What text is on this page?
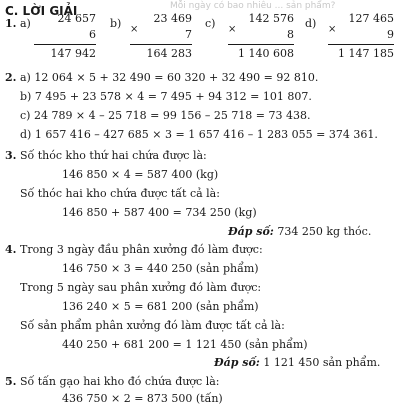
Mỗi ngày có bao nhiêu ... sản phẩm?
C. LỜI GIẢI
1. a) 24 657
6
147 942
b) ×
23 469
7
164 283
c) ×
142 576
8
1 140 608
d) ×
127 465
9
1 147 185
2. a) 12 064 × 5 + 32 490 = 60 320 + 32 490 = 92 810.
b) 7 495 + 23 578 × 4 = 7 495 + 94 312 = 101 807.
c) 24 789 × 4 – 25 718 = 99 156 – 25 718 = 73 438.
d) 1 657 416 – 427 685 × 3 = 1 657 416 – 1 283 055 = 374 361.
3. Số thóc kho thứ hai chứa được là:
146 850 × 4 = 587 400 (kg)
Số thóc hai kho chứa được tất cả là:
146 850 + 587 400 = 734 250 (kg)
Đáp số: 734 250 kg thóc.
4. Trong 3 ngày đầu phân xưởng đó làm được:
146 750 × 3 = 440 250 (sản phẩm)
Trong 5 ngày sau phân xưởng đó làm được:
136 240 × 5 = 681 200 (sản phẩm)
Số sản phẩm phân xưởng đó làm được tất cả là:
440 250 + 681 200 = 1 121 450 (sản phẩm)
Đáp số: 1 121 450 sản phẩm.
5. Số tấn gạo hai kho đó chứa được là:
436 750 × 2 = 873 500 (tấn)
